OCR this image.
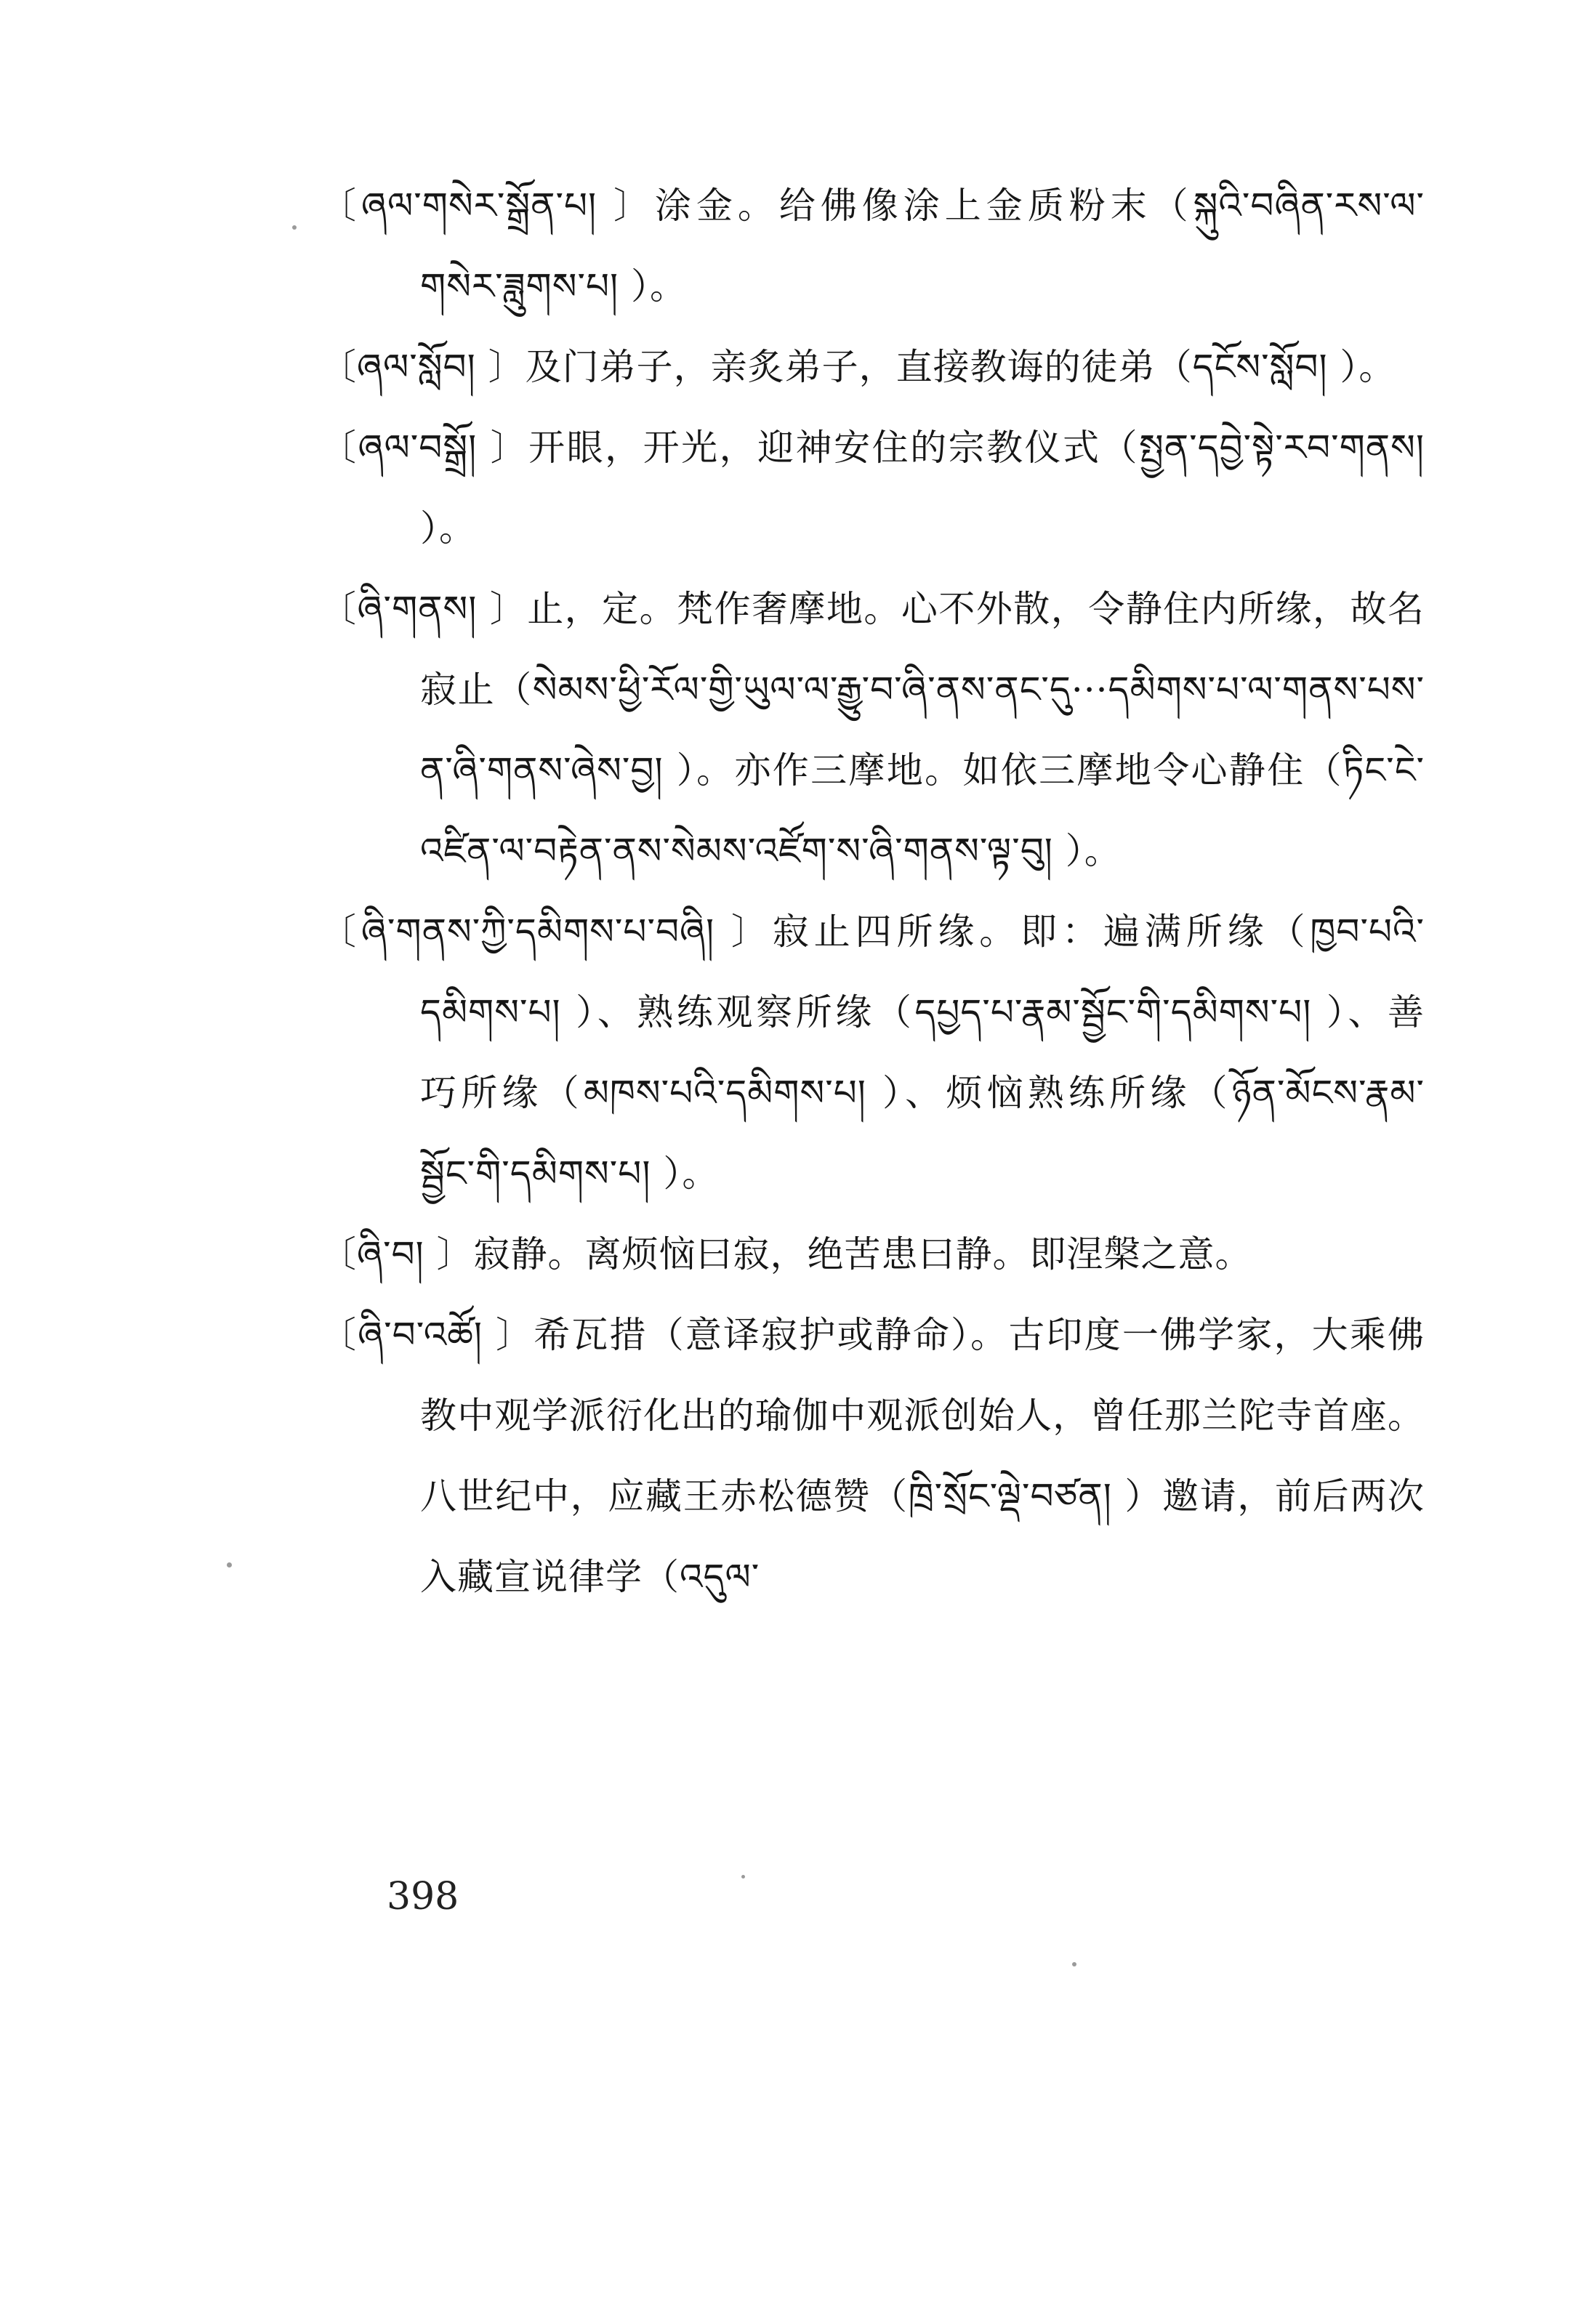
〔ཞལ་གསེར་སྒྲོན་པ། 〕涂金。给佛像涂上金质粉末（སྐུའི་བཞིན་རས་ལ་གསེར་ཟླུགས་པ། ）。

〔ཞལ་སློབ། 〕及门弟子，亲炙弟子，直接教诲的徒弟（དངོས་སློབ། ）。

〔ཞལ་བསྒྲོ། 〕开眼，开光，迎神安住的宗教仪式（སྤྱན་དབྱེ་སྟེ་རབ་གནས། ）。

〔ཞི་གནས། 〕止，定。梵作奢摩地。心不外散，令静住内所缘，故名寂止（སེམས་ཕྱི་རོལ་གྱི་ཡུལ་ལ་རྒྱུ་བ་ཞི་ནས་ནང་དུ···དམིགས་པ་ལ་གནས་པས་ན་ཞི་གནས་ཞེས་བྱ། ）。亦作三摩地。如依三摩地令心静住（ཏིང་ངེ་འཛིན་ལ་བརྟེན་ནས་སེམས་འཛོག་ས་ཞི་གནས་ལྟ་བུ། ）。

〔ཞི་གནས་ཀྱི་དམིགས་པ་བཞི། 〕寂止四所缘。即：遍满所缘（ཁྱབ་པའི་དམིགས་པ། ）、熟练观察所缘（དཔྱད་པ་རྣམ་སྦྱོང་གི་དམིགས་པ། ）、善巧所缘（མཁས་པའི་དམིགས་པ། ）、烦恼熟练所缘（ཉོན་མོངས་རྣམ་སྦྱོང་གི་དམིགས་པ། ）。

〔ཞི་བ། 〕寂静。离烦恼曰寂，绝苦患曰静。即涅槃之意。

〔ཞི་བ་འཚོ། 〕希瓦措（意译寂护或静命）。古印度一佛学家，大乘佛教中观学派衍化出的瑜伽中观派创始人，曾任那兰陀寺首座。八世纪中，应藏王赤松德赞（ཁྲི་སྲོང་ལྡེ་བཙན། ）邀请，前后两次入藏宣说律学（འདུལ་

398
